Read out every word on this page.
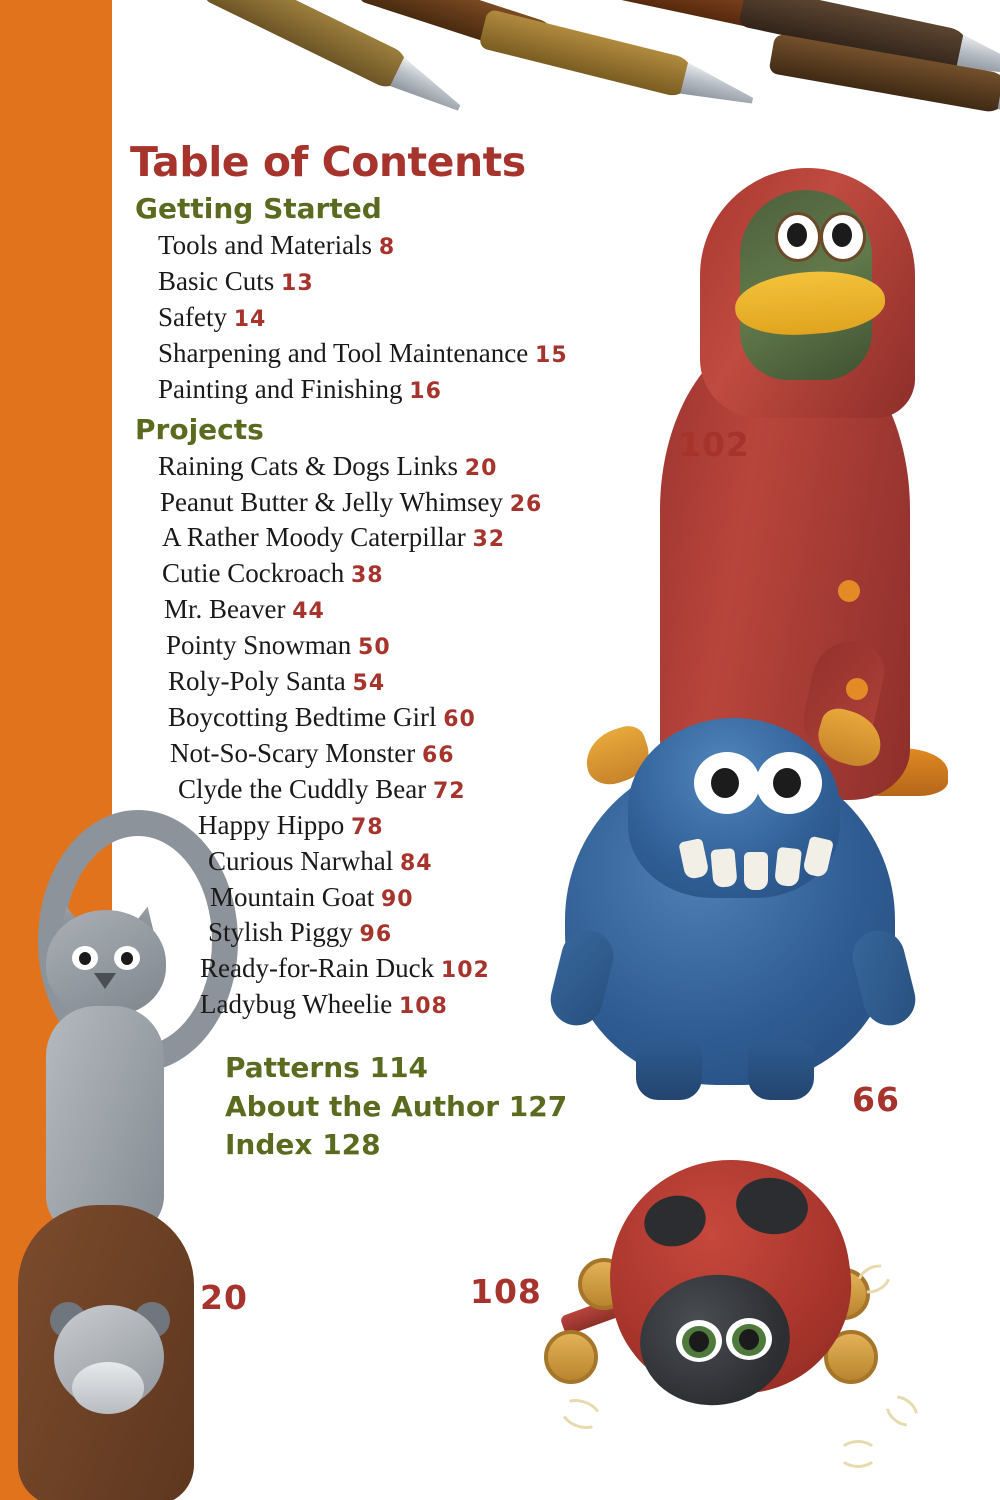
102
66
20	108
Table of Contents
Getting Started
Tools and Materials 8
Basic Cuts 13
Safety 14
Sharpening and Tool Maintenance 15
Painting and Finishing 16
Projects
Raining Cats & Dogs Links 20
Peanut Butter & Jelly Whimsey 26
A Rather Moody Caterpillar 32
Cutie Cockroach 38
Mr. Beaver 44
Pointy Snowman 50
Roly-Poly Santa 54
Boycotting Bedtime Girl 60
Not-So-Scary Monster 66
Clyde the Cuddly Bear 72
Happy Hippo 78
Curious Narwhal 84
Mountain Goat 90
Stylish Piggy 96
Ready-for-Rain Duck 102
Ladybug Wheelie 108
Patterns 114
About the Author 127
Index 128
